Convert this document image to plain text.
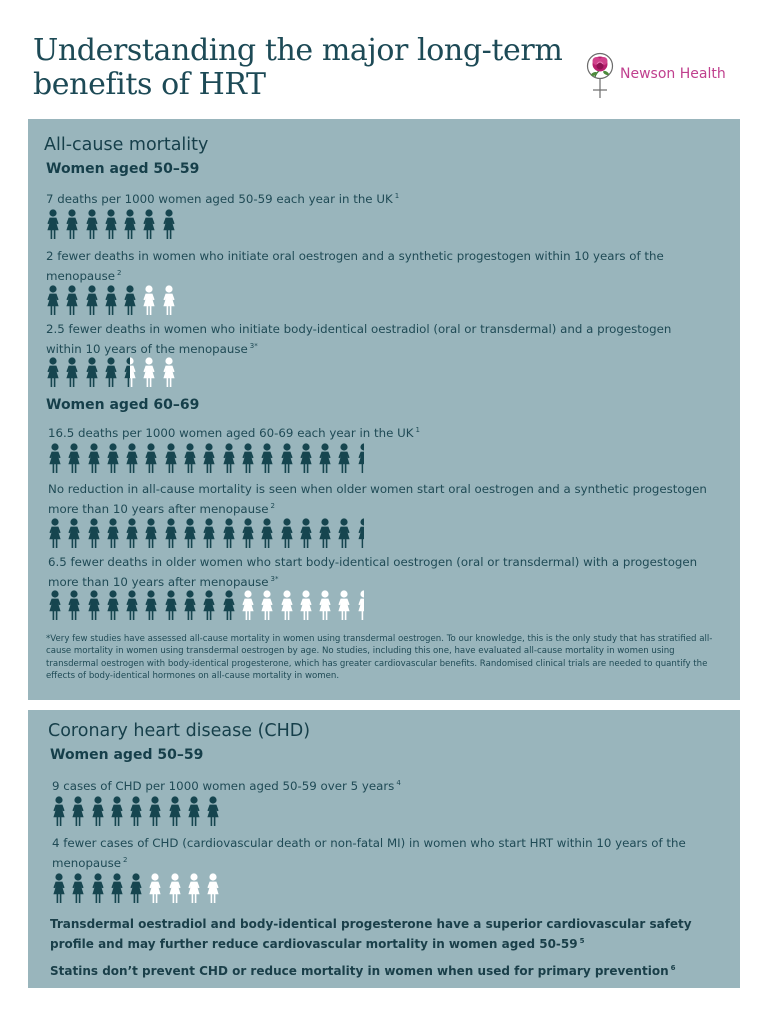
Understanding the major long-term benefits of HRT	Newson Health
All-cause mortality
Women aged 50–59
7 deaths per 1000 women aged 50-59 each year in the UK $^1$
2 fewer deaths in women who initiate oral oestrogen and a synthetic progestogen within 10 years of the menopause $^2$
2.5 fewer deaths in women who initiate body-identical oestradiol (oral or transdermal) and a progestogen within 10 years of the menopause $^{3*}$
Women aged 60–69
16.5 deaths per 1000 women aged 60-69 each year in the UK $^1$
No reduction in all-cause mortality is seen when older women start oral oestrogen and a synthetic progestogen more than 10 years after menopause $^2$
6.5 fewer deaths in older women who start body-identical oestrogen (oral or transdermal) with a progestogen more than 10 years after menopause $^{3*}$

*Very few studies have assessed all-cause mortality in women using transdermal oestrogen. To our knowledge, this is the only study that has stratified all-cause mortality in women using transdermal oestrogen by age. No studies, including this one, have evaluated all-cause mortality in women using transdermal oestrogen with body-identical progesterone, which has greater cardiovascular benefits. Randomised clinical trials are needed to quantify the effects of body-identical hormones on all-cause mortality in women.

Coronary heart disease (CHD)
Women aged 50–59
9 cases of CHD per 1000 women aged 50-59 over 5 years $^4$
4 fewer cases of CHD (cardiovascular death or non-fatal MI) in women who start HRT within 10 years of the menopause $^2$
Transdermal oestradiol and body-identical progesterone have a superior cardiovascular safety profile and may further reduce cardiovascular mortality in women aged 50-59 $^5$
Statins don’t prevent CHD or reduce mortality in women when used for primary prevention $^6$
